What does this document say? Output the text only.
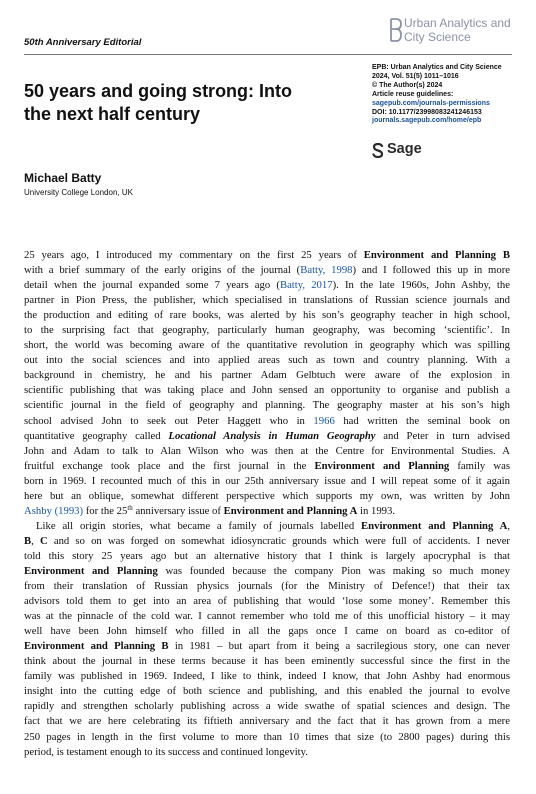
Urban Analytics and
City Science
50th Anniversary Editorial
50 years and going strong: Into
the next half century
EPB: Urban Analytics and City Science
2024, Vol. 51(5) 1011–1016
© The Author(s) 2024
Article reuse guidelines:
sagepub.com/journals-permissions
DOI: 10.1177/23998083241246153
journals.sagepub.com/home/epb
Sage
Michael Batty
University College London, UK
25 years ago, I introduced my commentary on the first 25 years of Environment and Planning B
with a brief summary of the early origins of the journal (Batty, 1998) and I followed this up in more
detail when the journal expanded some 7 years ago (Batty, 2017). In the late 1960s, John Ashby, the
partner in Pion Press, the publisher, which specialised in translations of Russian science journals and
the production and editing of rare books, was alerted by his son’s geography teacher in high school,
to the surprising fact that geography, particularly human geography, was becoming ‘scientific’. In
short, the world was becoming aware of the quantitative revolution in geography which was spilling
out into the social sciences and into applied areas such as town and country planning. With a
background in chemistry, he and his partner Adam Gelbtuch were aware of the explosion in
scientific publishing that was taking place and John sensed an opportunity to organise and publish a
scientific journal in the field of geography and planning. The geography master at his son’s high
school advised John to seek out Peter Haggett who in 1966 had written the seminal book on
quantitative geography called Locational Analysis in Human Geography and Peter in turn advised
John and Adam to talk to Alan Wilson who was then at the Centre for Environmental Studies. A
fruitful exchange took place and the first journal in the Environment and Planning family was
born in 1969. I recounted much of this in our 25th anniversary issue and I will repeat some of it again
here but an oblique, somewhat different perspective which supports my own, was written by John
Ashby (1993) for the 25th anniversary issue of Environment and Planning A in 1993.
Like all origin stories, what became a family of journals labelled Environment and Planning A,
B, C and so on was forged on somewhat idiosyncratic grounds which were full of accidents. I never
told this story 25 years ago but an alternative history that I think is largely apocryphal is that
Environment and Planning was founded because the company Pion was making so much money
from their translation of Russian physics journals (for the Ministry of Defence!) that their tax
advisors told them to get into an area of publishing that would ‘lose some money’. Remember this
was at the pinnacle of the cold war. I cannot remember who told me of this unofficial history – it may
well have been John himself who filled in all the gaps once I came on board as co-editor of
Environment and Planning B in 1981 – but apart from it being a sacrilegious story, one can never
think about the journal in these terms because it has been eminently successful since the first in the
family was published in 1969. Indeed, I like to think, indeed I know, that John Ashby had enormous
insight into the cutting edge of both science and publishing, and this enabled the journal to evolve
rapidly and strengthen scholarly publishing across a wide swathe of spatial sciences and design. The
fact that we are here celebrating its fiftieth anniversary and the fact that it has grown from a mere
250 pages in length in the first volume to more than 10 times that size (to 2800 pages) during this
period, is testament enough to its success and continued longevity.
